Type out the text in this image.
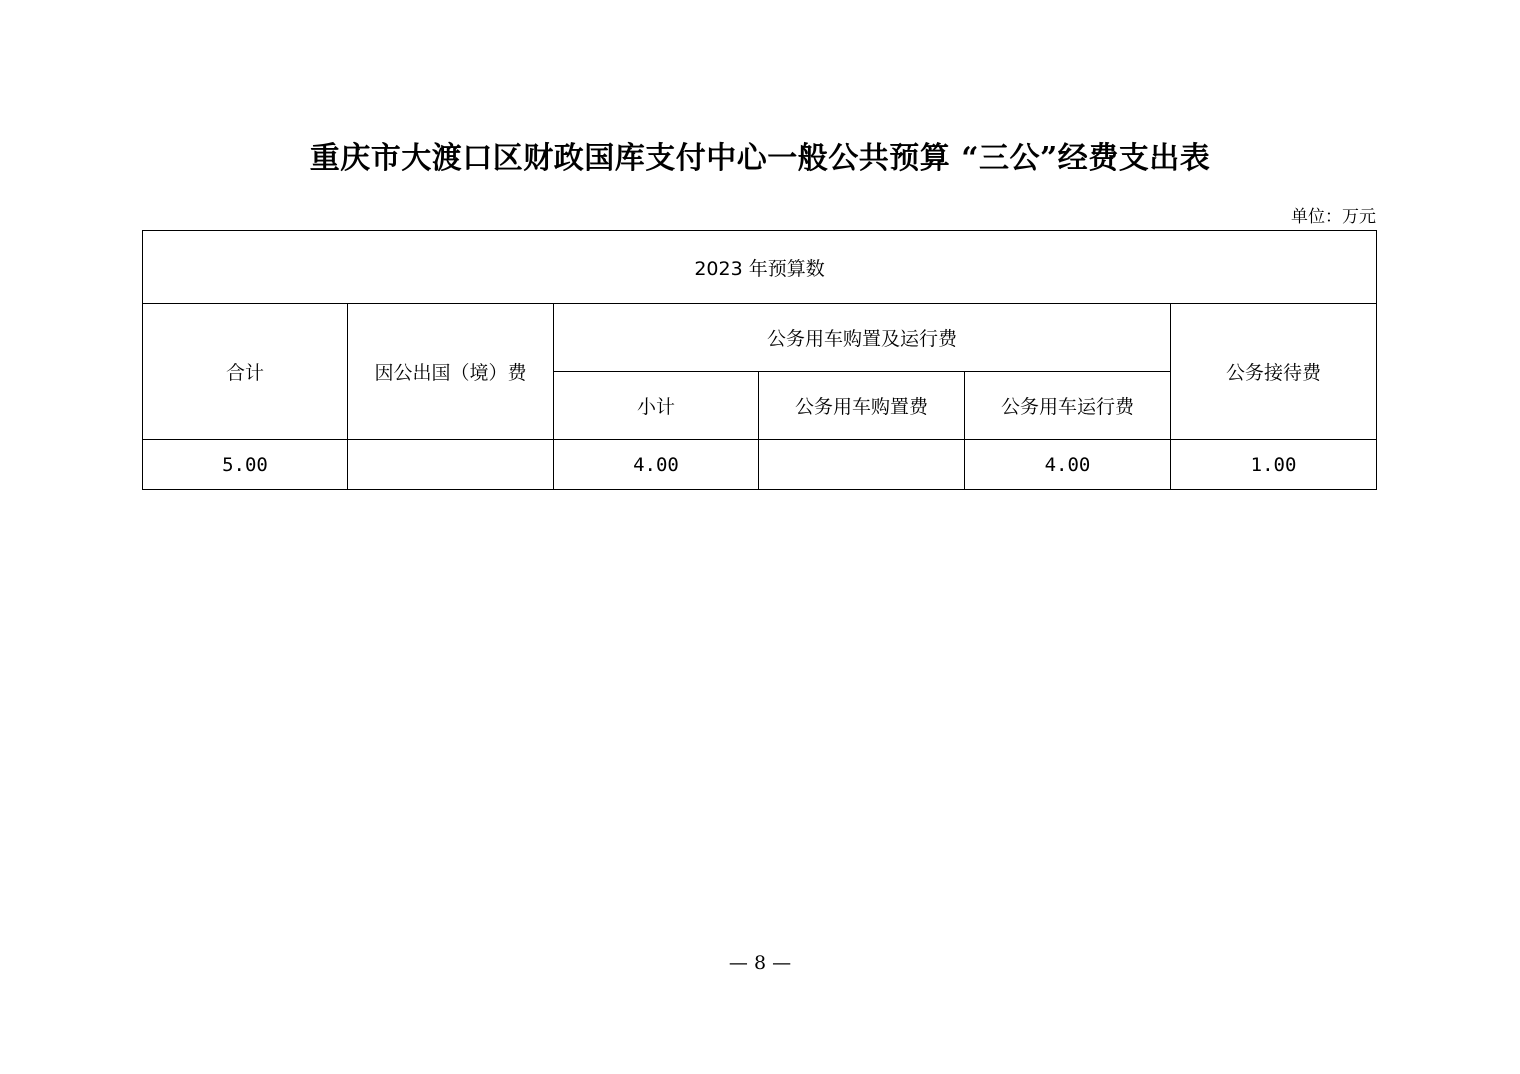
重庆市大渡口区财政国库支付中心一般公共预算 “三公”经费支出表
单位：万元
2023 年预算数					
合计	因公出国（境）费	公务用车购置及运行费			公务接待费
		小计	公务用车购置费	公务用车运行费	
5.00		4.00		4.00	1.00
— 8 —
